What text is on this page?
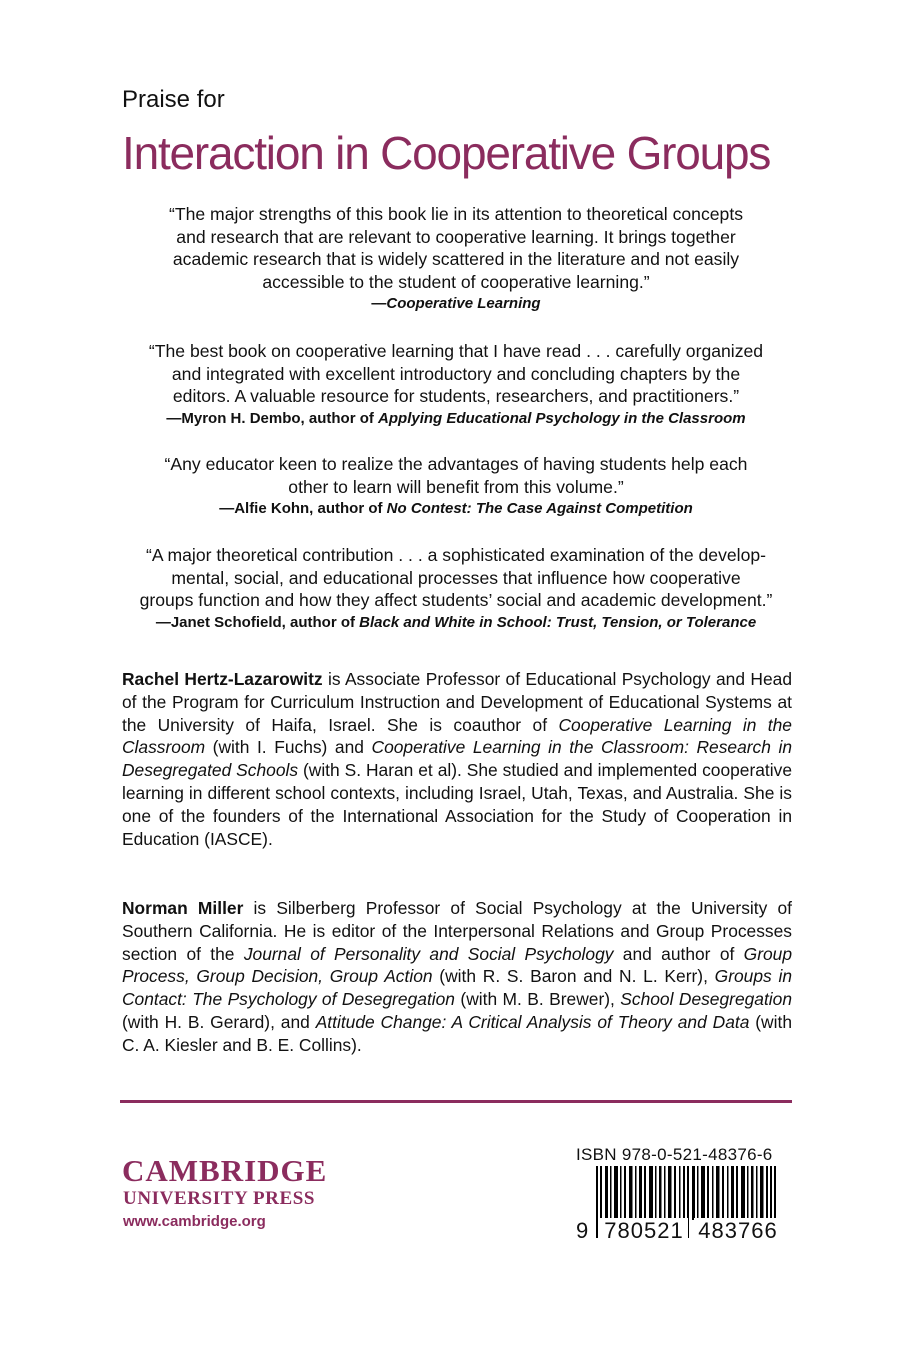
Praise for
Interaction in Cooperative Groups
“The major strengths of this book lie in its attention to theoretical concepts
and research that are relevant to cooperative learning. It brings together
academic research that is widely scattered in the literature and not easily
accessible to the student of cooperative learning.”
—Cooperative Learning
“The best book on cooperative learning that I have read . . . carefully organized
and integrated with excellent introductory and concluding chapters by the
editors. A valuable resource for students, researchers, and practitioners.”
—Myron H. Dembo, author of Applying Educational Psychology in the Classroom
“Any educator keen to realize the advantages of having students help each
other to learn will benefit from this volume.”
—Alfie Kohn, author of No Contest: The Case Against Competition
“A major theoretical contribution . . . a sophisticated examination of the develop-
mental, social, and educational processes that influence how cooperative
groups function and how they affect students’ social and academic development.”
—Janet Schofield, author of Black and White in School: Trust, Tension, or Tolerance
Rachel Hertz-Lazarowitz is Associate Professor of Educational Psychology and Head of the Program for Curriculum Instruction and Development of Educational Systems at the University of Haifa, Israel. She is coauthor of Cooperative Learning in the Classroom (with I. Fuchs) and Cooperative Learning in the Classroom: Research in Desegregated Schools (with S. Haran et al). She studied and implemented cooperative learning in different school contexts, including Israel, Utah, Texas, and Australia. She is one of the founders of the International Association for the Study of Cooperation in Education (IASCE).
Norman Miller is Silberberg Professor of Social Psychology at the University of Southern California. He is editor of the Interpersonal Relations and Group Processes section of the Journal of Personality and Social Psychology and author of Group Process, Group Decision, Group Action (with R. S. Baron and N. L. Kerr), Groups in Contact: The Psychology of Desegregation (with M. B. Brewer), School Desegregation (with H. B. Gerard), and Attitude Change: A Critical Analysis of Theory and Data (with C. A. Kiesler and B. E. Collins).
CAMBRIDGE
UNIVERSITY PRESS
www.cambridge.org
ISBN 978-0-521-48376-6
9 780521 483766
